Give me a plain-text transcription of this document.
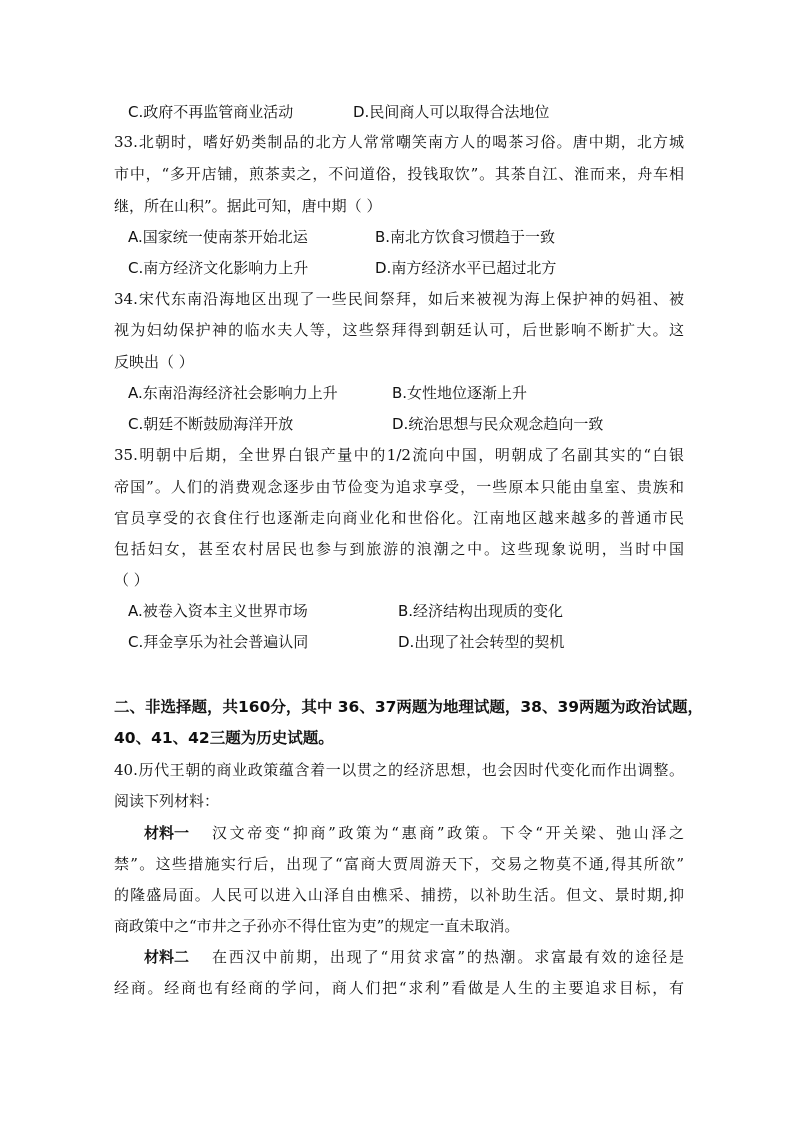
C.政府不再监管商业活动	D.民间商人可以取得合法地位
33.北朝时，嗜好奶类制品的北方人常常嘲笑南方人的喝茶习俗。唐中期，北方城
市中，“多开店铺，煎茶卖之，不问道俗，投钱取饮”。其茶自江、淮而来，舟车相
继，所在山积”。据此可知，唐中期（ ）
A.国家统一使南茶开始北运	B.南北方饮食习惯趋于一致
C.南方经济文化影响力上升	D.南方经济水平已超过北方
34.宋代东南沿海地区出现了一些民间祭拜，如后来被视为海上保护神的妈祖、被
视为妇幼保护神的临水夫人等，这些祭拜得到朝廷认可，后世影响不断扩大。这
反映出（ ）
A.东南沿海经济社会影响力上升	B.女性地位逐渐上升
C.朝廷不断鼓励海洋开放	D.统治思想与民众观念趋向一致
35.明朝中后期，全世界白银产量中的1/2流向中国，明朝成了名副其实的“白银
帝国”。人们的消费观念逐步由节俭变为追求享受，一些原本只能由皇室、贵族和
官员享受的衣食住行也逐渐走向商业化和世俗化。江南地区越来越多的普通市民
包括妇女，甚至农村居民也参与到旅游的浪潮之中。这些现象说明，当时中国
（ ）
A.被卷入资本主义世界市场	B.经济结构出现质的变化
C.拜金享乐为社会普遍认同	D.出现了社会转型的契机
二、非选择题，共160分，其中 36、37两题为地理试题，38、39两题为政治试题，
40、41、42三题为历史试题。
40.历代王朝的商业政策蕴含着一以贯之的经济思想，也会因时代变化而作出调整。
阅读下列材料：
材料一	汉文帝变“抑商”政策为“惠商”政策。下令“开关梁、弛山泽之
禁”。这些措施实行后，出现了“富商大贾周游天下，交易之物莫不通,得其所欲”
的隆盛局面。人民可以进入山泽自由樵采、捕捞，以补助生活。但文、景时期,抑
商政策中之“市井之子孙亦不得仕宦为吏”的规定一直未取消。
材料二	在西汉中前期，出现了“用贫求富”的热潮。求富最有效的途径是
经商。经商也有经商的学问，商人们把“求利”看做是人生的主要追求目标，有
